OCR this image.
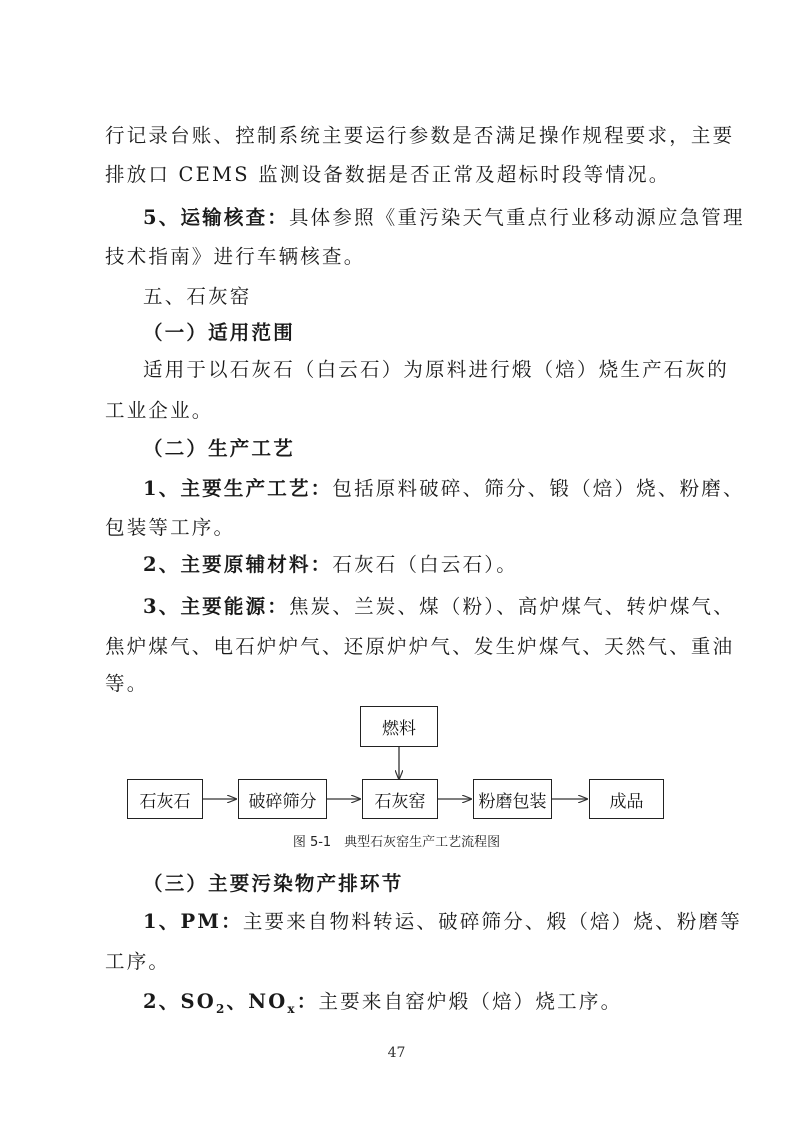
行记录台账、控制系统主要运行参数是否满足操作规程要求，主要
排放口 CEMS 监测设备数据是否正常及超标时段等情况。
5、运输核查：具体参照《重污染天气重点行业移动源应急管理
技术指南》进行车辆核查。
五、石灰窑
（一）适用范围
适用于以石灰石（白云石）为原料进行煅（焙）烧生产石灰的
工业企业。
（二）生产工艺
1、主要生产工艺：包括原料破碎、筛分、锻（焙）烧、粉磨、
包装等工序。
2、主要原辅材料：石灰石（白云石）。
3、主要能源：焦炭、兰炭、煤（粉）、高炉煤气、转炉煤气、
焦炉煤气、电石炉炉气、还原炉炉气、发生炉煤气、天然气、重油
等。
燃料
石灰石	破碎筛分	石灰窑	粉磨包装	成品
图 5-1　典型石灰窑生产工艺流程图
（三）主要污染物产排环节
1、PM：主要来自物料转运、破碎筛分、煅（焙）烧、粉磨等
工序。
2、$SO_2$、$NO_x$：主要来自窑炉煅（焙）烧工序。
47
